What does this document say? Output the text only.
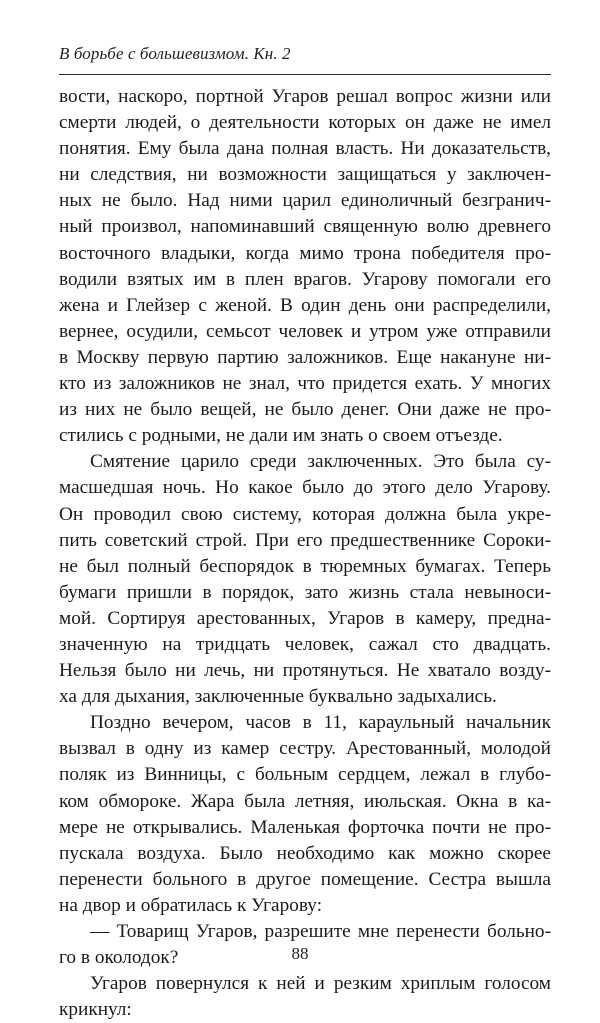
В борьбе с большевизмом. Кн. 2

вости, наскоро, портной Угаров решал вопрос жизни или
смерти людей, о деятельности которых он даже не имел
понятия. Ему была дана полная власть. Ни доказательств,
ни следствия, ни возможности защищаться у заключен-
ных не было. Над ними царил единоличный безгранич-
ный произвол, напоминавший священную волю древнего
восточного владыки, когда мимо трона победителя про-
водили взятых им в плен врагов. Угарову помогали его
жена и Глейзер с женой. В один день они распределили,
вернее, осудили, семьсот человек и утром уже отправили
в Москву первую партию заложников. Еще накануне ни-
кто из заложников не знал, что придется ехать. У многих
из них не было вещей, не было денег. Они даже не про-
стились с родными, не дали им знать о своем отъезде.

Смятение царило среди заключенных. Это была су-
масшедшая ночь. Но какое было до этого дело Угарову.
Он проводил свою систему, которая должна была укре-
пить советский строй. При его предшественнике Сороки-
не был полный беспорядок в тюремных бумагах. Теперь
бумаги пришли в порядок, зато жизнь стала невыноси-
мой. Сортируя арестованных, Угаров в камеру, предна-
значенную на тридцать человек, сажал сто двадцать.
Нельзя было ни лечь, ни протянуться. Не хватало возду-
ха для дыхания, заключенные буквально задыхались.

Поздно вечером, часов в 11, караульный начальник
вызвал в одну из камер сестру. Арестованный, молодой
поляк из Винницы, с больным сердцем, лежал в глубо-
ком обмороке. Жара была летняя, июльская. Окна в ка-
мере не открывались. Маленькая форточка почти не про-
пускала воздуха. Было необходимо как можно скорее
перенести больного в другое помещение. Сестра вышла
на двор и обратилась к Угарову:

— Товарищ Угаров, разрешите мне перенести больно-
го в околодок?

Угаров повернулся к ней и резким хриплым голосом
крикнул:

88
